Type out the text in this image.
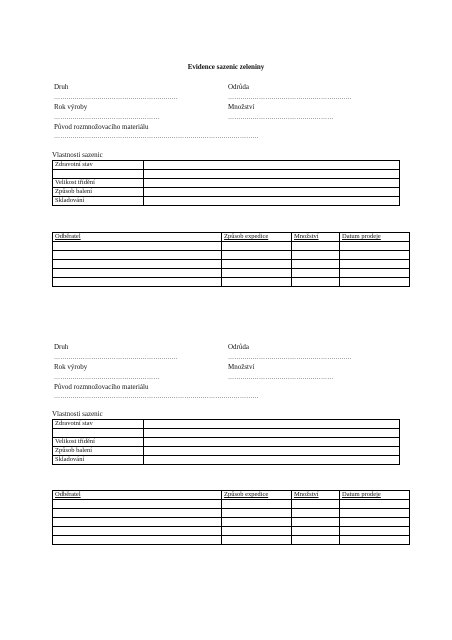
Evidence sazenic zeleniny
Druh	Odrůda
……………………………………………………	……………………………………………………
Rok výroby	Množství
……………………………………………	……………………………………………
Původ rozmnožovacího materiálu
………………………………………………………………………………………
Vlastnosti sazenic
Zdravotní stav	

Velikost třídění	
Způsob balení	
Skladování	
Odběratel	Způsob expedice	Množství	Datum prodeje

Druh	Odrůda
……………………………………………………	……………………………………………………
Rok výroby	Množství
……………………………………………	……………………………………………
Původ rozmnožovacího materiálu
………………………………………………………………………………………
Vlastnosti sazenic
Zdravotní stav	

Velikost třídění	
Způsob balení	
Skladování	
Odběratel	Způsob expedice	Množství	Datum prodeje
